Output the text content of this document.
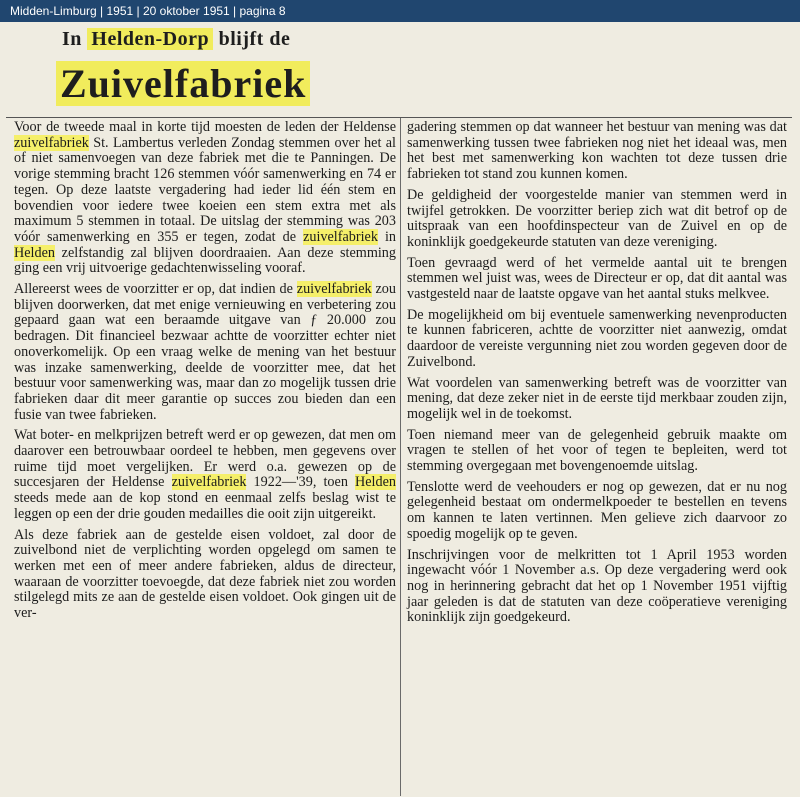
Midden-Limburg | 1951 | 20 oktober 1951 | pagina 8
In Helden-Dorp blijft de
Zuivelfabriek

Voor de tweede maal in korte tijd moesten de leden der Heldense zuivelfabriek St. Lambertus verleden Zondag stemmen over het al of niet samenvoegen van deze fabriek met die te Panningen. De vorige stemming bracht 126 stemmen vóór samenwerking en 74 er tegen. Op deze laatste vergadering had ieder lid één stem en bovendien voor iedere twee koeien een stem extra met als maximum 5 stemmen in totaal. De uitslag der stemming was 203 vóór samenwerking en 355 er tegen, zodat de zuivelfabriek in Helden zelfstandig zal blijven doordraaien. Aan deze stemming ging een vrij uitvoerige gedachtenwisseling vooraf.

Allereerst wees de voorzitter er op, dat indien de zuivelfabriek zou blijven doorwerken, dat met enige vernieuwing en verbetering zou gepaard gaan wat een beraamde uitgave van ƒ 20.000 zou bedragen. Dit financieel bezwaar achtte de voorzitter echter niet onoverkomelijk. Op een vraag welke de mening van het bestuur was inzake samenwerking, deelde de voorzitter mee, dat het bestuur voor samenwerking was, maar dan zo mogelijk tussen drie fabrieken daar dit meer garantie op succes zou bieden dan een fusie van twee fabrieken.

Wat boter- en melkprijzen betreft werd er op gewezen, dat men om daarover een betrouwbaar oordeel te hebben, men gegevens over ruime tijd moet vergelijken. Er werd o.a. gewezen op de succesjaren der Heldense zuivelfabriek 1922—'39, toen Helden steeds mede aan de kop stond en eenmaal zelfs beslag wist te leggen op een der drie gouden medailles die ooit zijn uitgereikt.

Als deze fabriek aan de gestelde eisen voldoet, zal door de zuivelbond niet de verplichting worden opgelegd om samen te werken met een of meer andere fabrieken, aldus de directeur, waaraan de voorzitter toevoegde, dat deze fabriek niet zou worden stilgelegd mits ze aan de gestelde eisen voldoet. Ook gingen uit de ver-

gadering stemmen op dat wanneer het bestuur van mening was dat samenwerking tussen twee fabrieken nog niet het ideaal was, men het best met samenwerking kon wachten tot deze tussen drie fabrieken tot stand zou kunnen komen.

De geldigheid der voorgestelde manier van stemmen werd in twijfel getrokken. De voorzitter beriep zich wat dit betrof op de uitspraak van een hoofdinspecteur van de Zuivel en op de koninklijk goedgekeurde statuten van deze vereniging.

Toen gevraagd werd of het vermelde aantal uit te brengen stemmen wel juist was, wees de Directeur er op, dat dit aantal was vastgesteld naar de laatste opgave van het aantal stuks melkvee.

De mogelijkheid om bij eventuele samenwerking nevenproducten te kunnen fabriceren, achtte de voorzitter niet aanwezig, omdat daardoor de vereiste vergunning niet zou worden gegeven door de Zuivelbond.

Wat voordelen van samenwerking betreft was de voorzitter van mening, dat deze zeker niet in de eerste tijd merkbaar zouden zijn, mogelijk wel in de toekomst.

Toen niemand meer van de gelegenheid gebruik maakte om vragen te stellen of het voor of tegen te bepleiten, werd tot stemming overgegaan met bovengenoemde uitslag.

Tenslotte werd de veehouders er nog op gewezen, dat er nu nog gelegenheid bestaat om ondermelkpoeder te bestellen en tevens om kannen te laten vertinnen. Men gelieve zich daarvoor zo spoedig mogelijk op te geven.

Inschrijvingen voor de melkritten tot 1 April 1953 worden ingewacht vóór 1 November a.s. Op deze vergadering werd ook nog in herinnering gebracht dat het op 1 November 1951 vijftig jaar geleden is dat de statuten van deze coöperatieve vereniging koninklijk zijn goedgekeurd.
